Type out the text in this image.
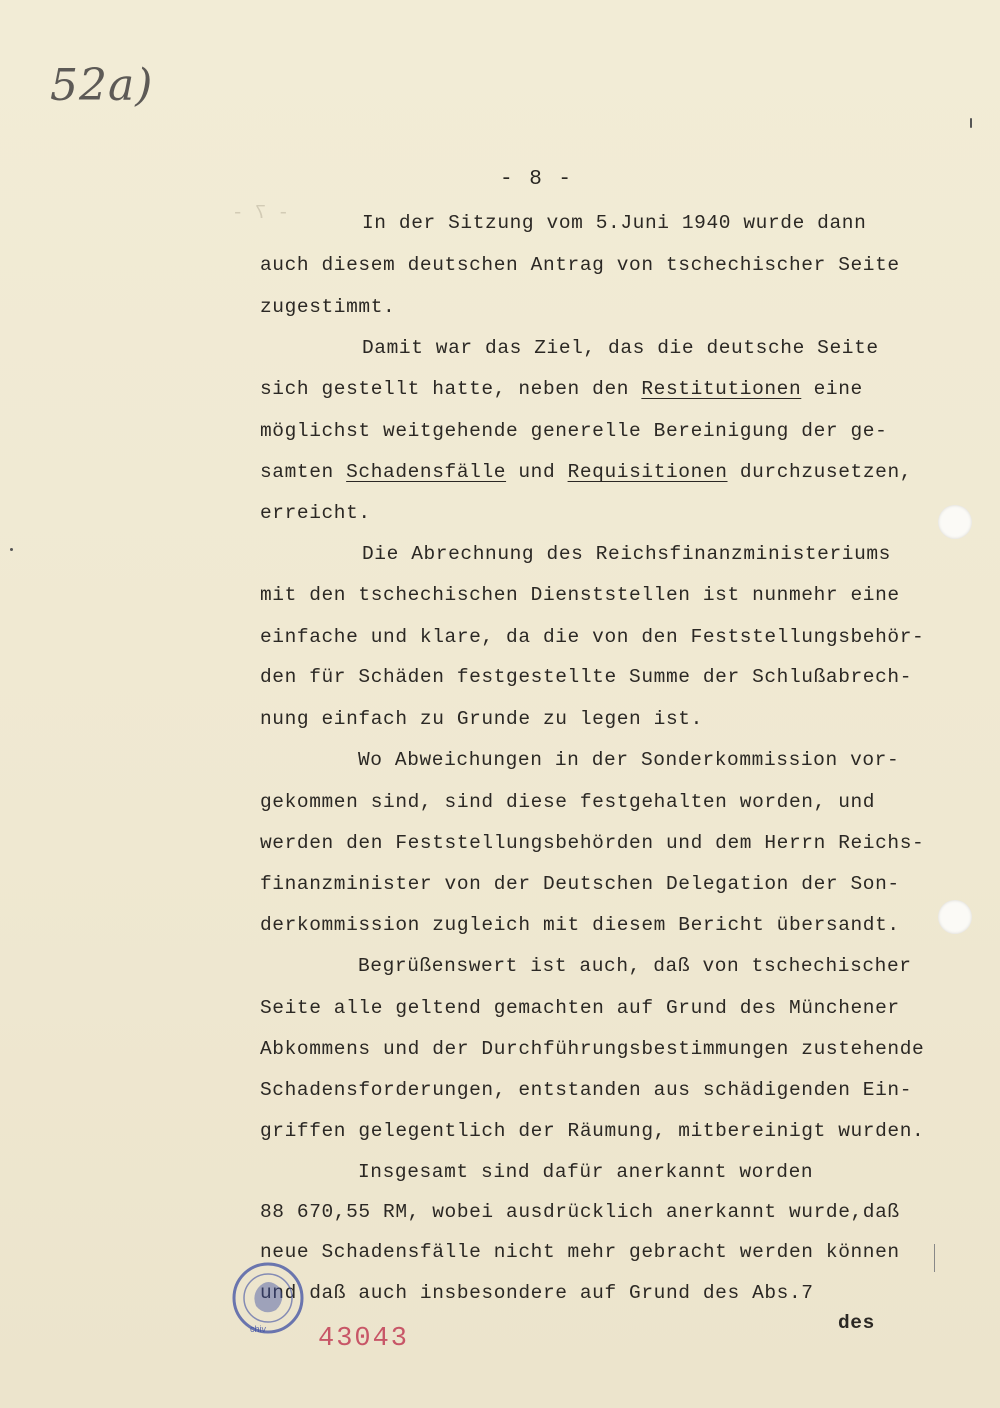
- 7 -
52a)
- 8 -
In der Sitzung vom 5.Juni 1940 wurde dann
auch diesem deutschen Antrag von tschechischer Seite
zugestimmt.
Damit war das Ziel, das die deutsche Seite
sich gestellt hatte, neben den Restitutionen eine
möglichst weitgehende generelle Bereinigung der ge-
samten Schadensfälle und Requisitionen durchzusetzen,
erreicht.
Die Abrechnung des Reichsfinanzministeriums
mit den tschechischen Dienststellen ist nunmehr eine
einfache und klare, da die von den Feststellungsbehör-
den für Schäden festgestellte Summe der Schlußabrech-
nung einfach zu Grunde zu legen ist.
Wo Abweichungen in der Sonderkommission vor-
gekommen sind, sind diese festgehalten worden, und
werden den Feststellungsbehörden und dem Herrn Reichs-
finanzminister von der Deutschen Delegation der Son-
derkommission zugleich mit diesem Bericht übersandt.
Begrüßenswert ist auch, daß von tschechischer
Seite alle geltend gemachten auf Grund des Münchener
Abkommens und der Durchführungsbestimmungen zustehende
Schadensforderungen, entstanden aus schädigenden Ein-
griffen gelegentlich der Räumung, mitbereinigt wurden.
Insgesamt sind dafür anerkannt worden
88 670,55 RM, wobei ausdrücklich anerkannt wurde,daß
neue Schadensfälle nicht mehr gebracht werden können
und daß auch insbesondere auf Grund des Abs.7
des
chiv 43043
